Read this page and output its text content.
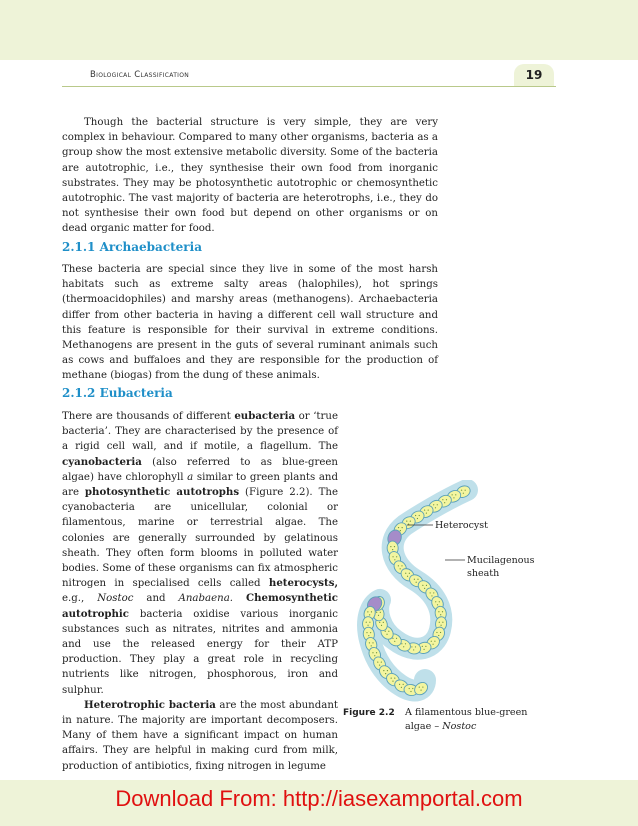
Biological Classification	19

Though the bacterial structure is very simple, they are very complex in behaviour. Compared to many other organisms, bacteria as a group show the most extensive metabolic diversity. Some of the bacteria are autotrophic, i.e., they synthesise their own food from inorganic substrates. They may be photosynthetic autotrophic or chemosynthetic autotrophic. The vast majority of bacteria are heterotrophs, i.e., they do not synthesise their own food but depend on other organisms or on dead organic matter for food.

2.1.1 Archaebacteria

These bacteria are special since they live in some of the most harsh habitats such as extreme salty areas (halophiles), hot springs (thermoacidophiles) and marshy areas (methanogens). Archaebacteria differ from other bacteria in having a different cell wall structure and this feature is responsible for their survival in extreme conditions. Methanogens are present in the guts of several ruminant animals such as cows and buffaloes and they are responsible for the production of methane (biogas) from the dung of these animals.

2.1.2 Eubacteria

There are thousands of different eubacteria or ‘true bacteria’. They are characterised by the presence of a rigid cell wall, and if motile, a flagellum. The cyanobacteria (also referred to as blue-green algae) have chlorophyll a similar to green plants and are photosynthetic autotrophs (Figure 2.2). The cyanobacteria are unicellular, colonial or filamentous, marine or terrestrial algae. The colonies are generally surrounded by gelatinous sheath. They often form blooms in polluted water bodies. Some of these organisms can fix atmospheric nitrogen in specialised cells called heterocysts, e.g., Nostoc and Anabaena. Chemosynthetic autotrophic bacteria oxidise various inorganic substances such as nitrates, nitrites and ammonia and use the released energy for their ATP production. They play a great role in recycling nutrients like nitrogen, phosphorous, iron and sulphur.

Heterotrophic bacteria are the most abundant in nature. The majority are important decomposers. Many of them have a significant impact on human affairs. They are helpful in making curd from milk, production of antibiotics, fixing nitrogen in legume

Heterocyst
Mucilagenous
sheath
Figure 2.2 A filamentous blue-green algae – Nostoc
Download From: http://iasexamportal.com
